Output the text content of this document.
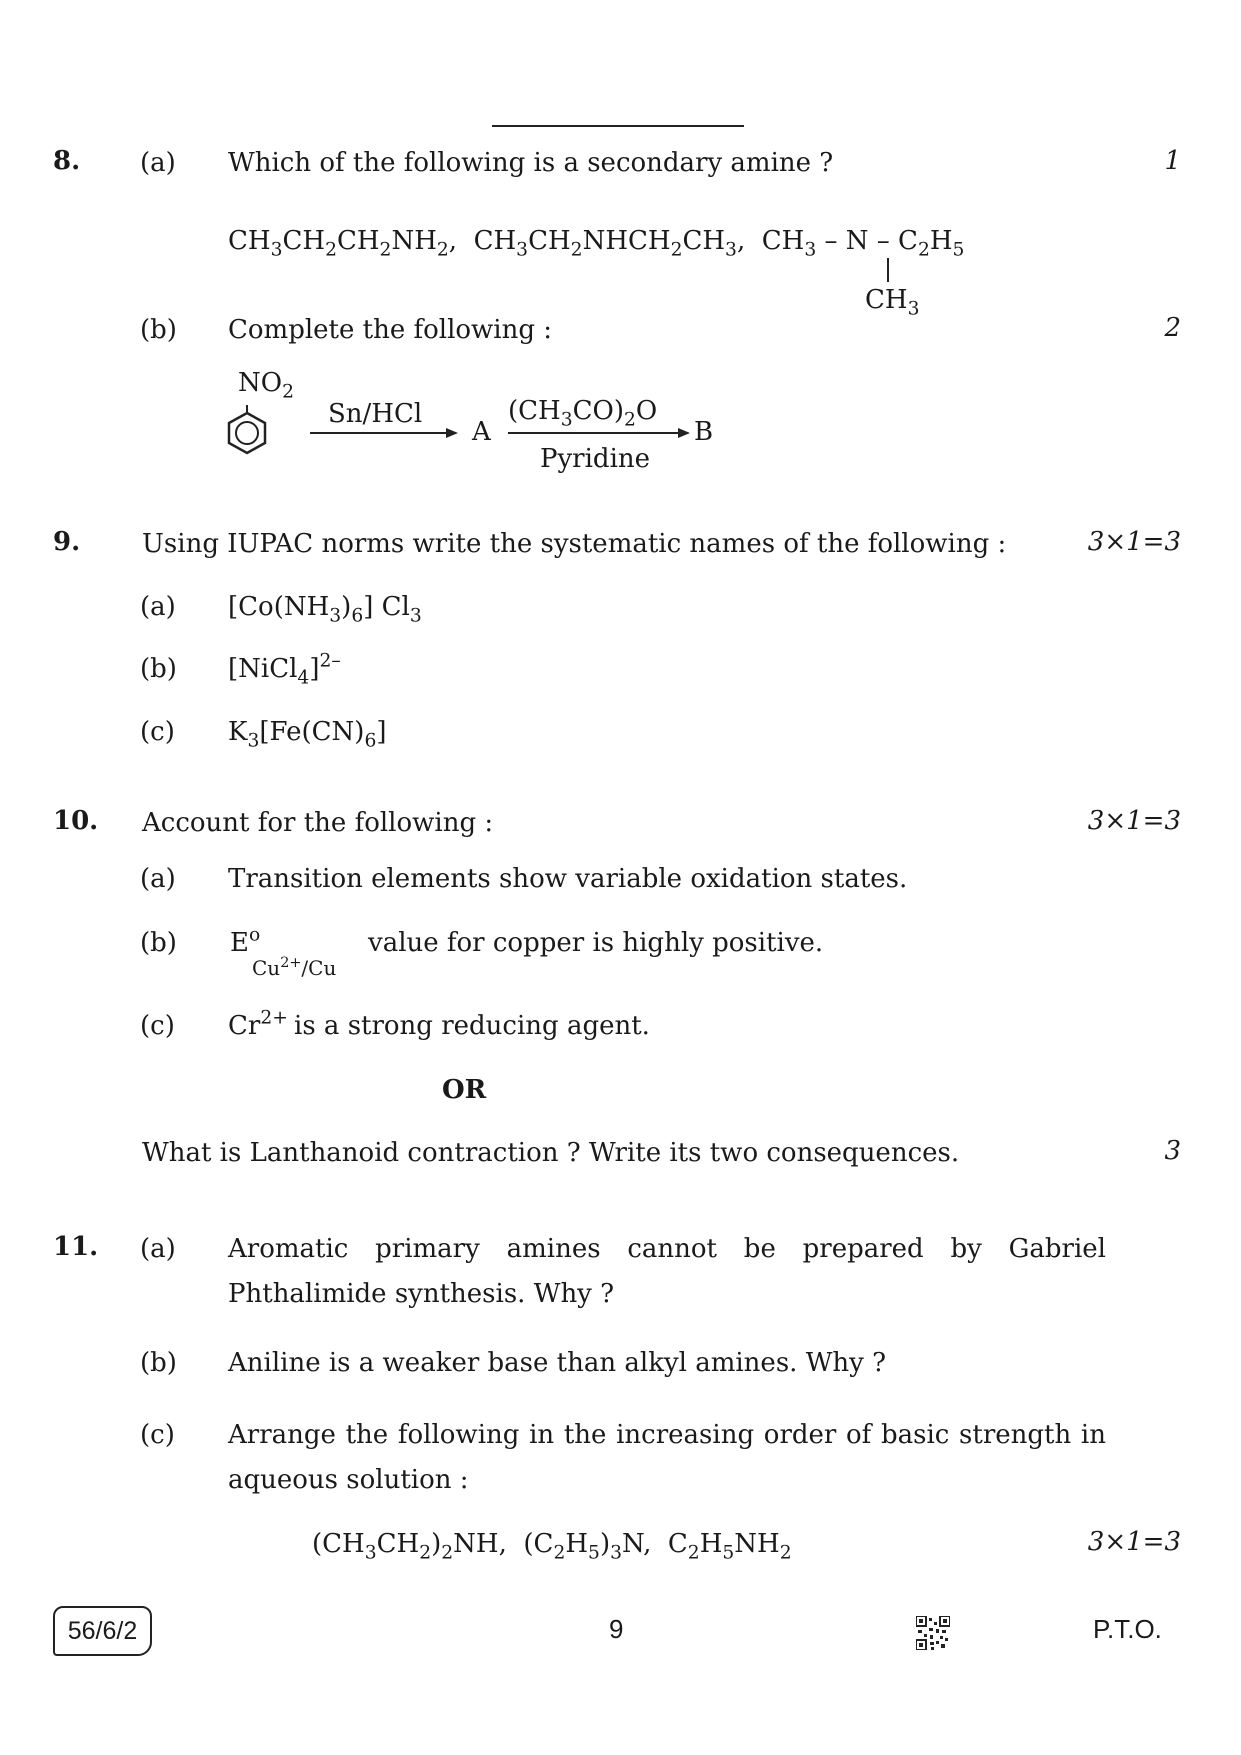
8. (a) Which of the following is a secondary amine ?	1
$CH_3CH_2CH_2NH_2$,  $CH_3CH_2NHCH_2CH_3$,  $CH_3$ – N – $C_2H_5$
$CH_3$
(b) Complete the following :	2
$NO_2$
Sn/HCl
A
$(CH_3CO)_2O$
Pyridine
B
9. Using IUPAC norms write the systematic names of the following :	3×1=3
(a) $[Co(NH_3)_6]$ $Cl_3$
(b) [NiCl$_4$]$^{2-}$
(c) $K_3[Fe(CN)_6]$
10. Account for the following :	3×1=3
(a) Transition elements show variable oxidation states.
(b) $E^o$
$Cu^{2+}/Cu$
value for copper is highly positive.
(c) $Cr^{2+}$ is a strong reducing agent.
OR
What is Lanthanoid contraction ? Write its two consequences.	3
11. (a) Aromatic primary amines cannot be prepared by Gabriel
Phthalimide synthesis. Why ?
(b) Aniline is a weaker base than alkyl amines. Why ?
(c) Arrange the following in the increasing order of basic strength in
aqueous solution :
$(CH_3CH_2)_2NH$,  $(C_2H_5)_3N$,  $C_2H_5NH_2$	3×1=3
56/6/2	9	P.T.O.
